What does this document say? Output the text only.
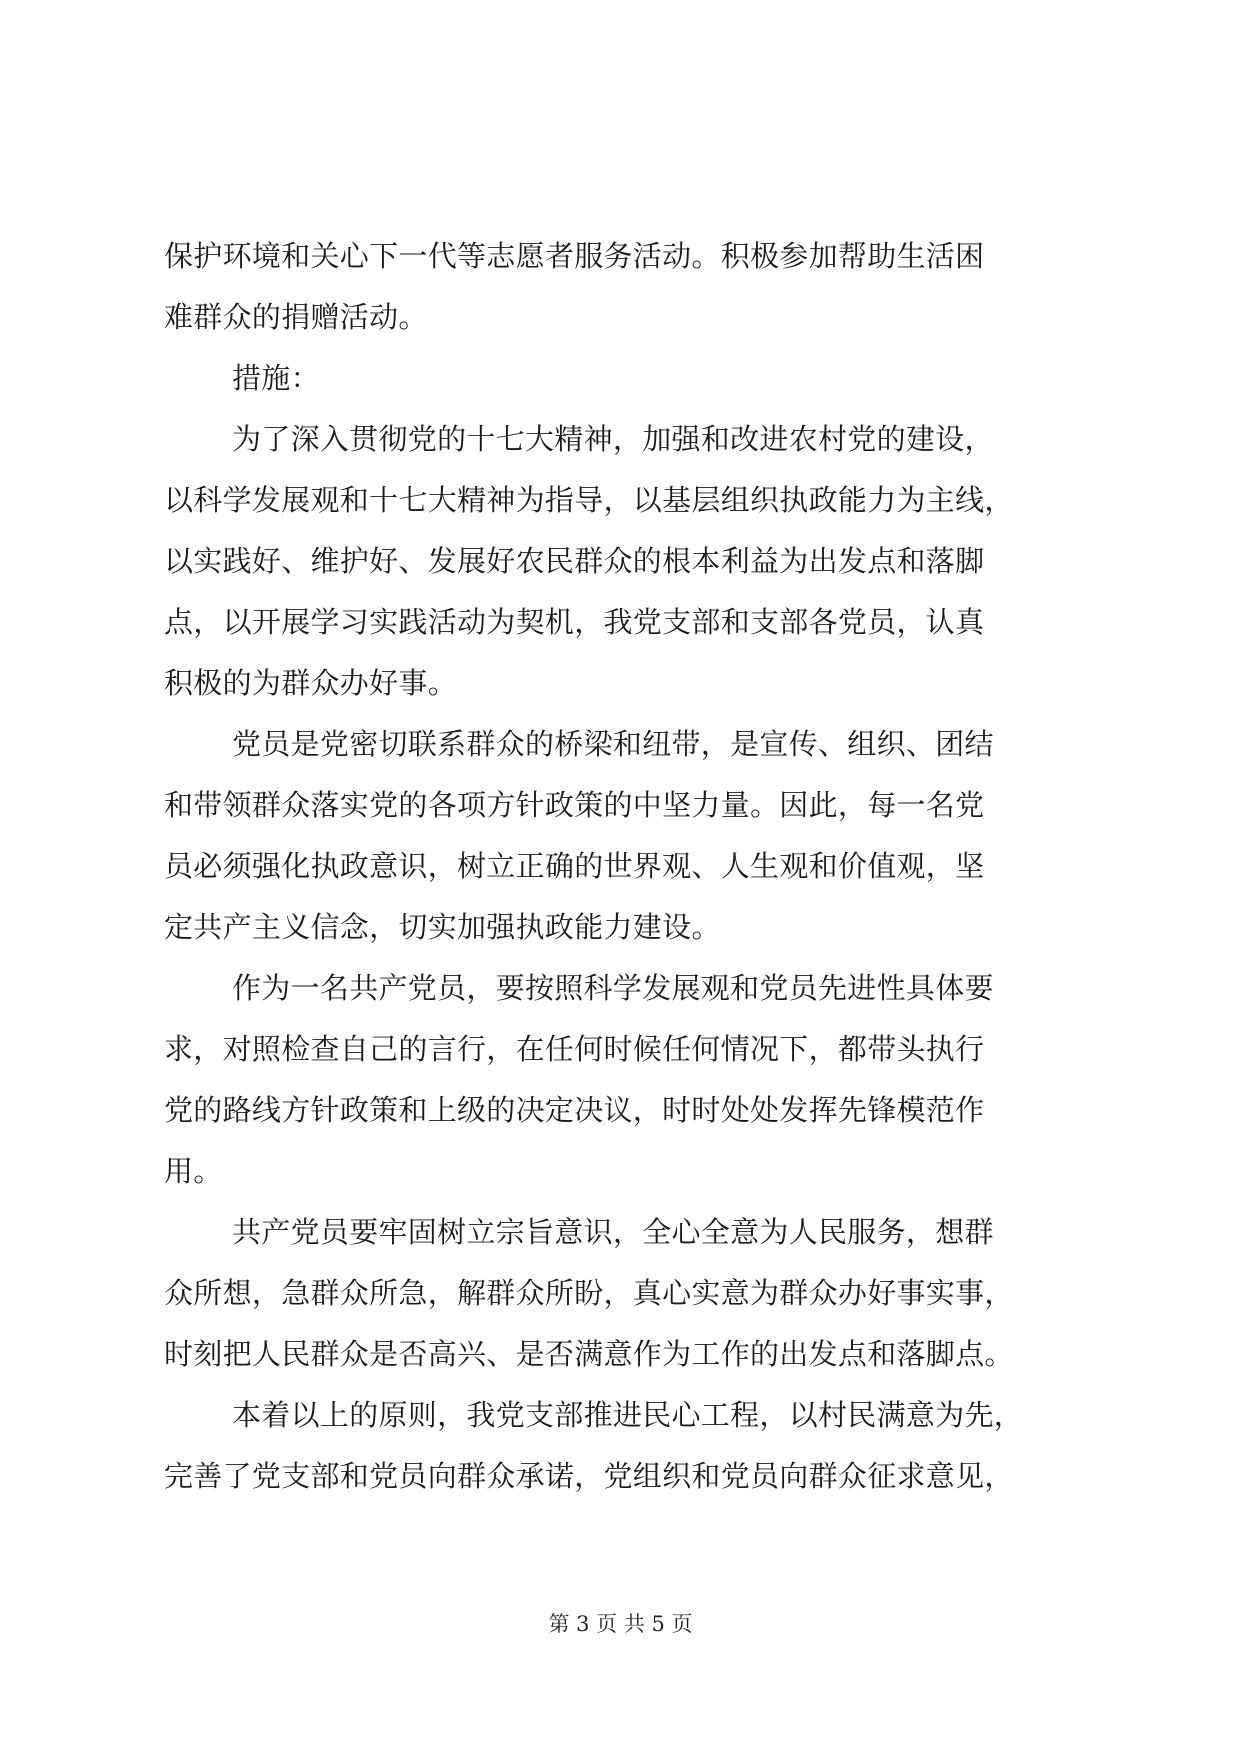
保护环境和关心下一代等志愿者服务活动。积极参加帮助生活困
难群众的捐赠活动。
措施：
为了深入贯彻党的十七大精神，加强和改进农村党的建设，
以科学发展观和十七大精神为指导，以基层组织执政能力为主线，
以实践好、维护好、发展好农民群众的根本利益为出发点和落脚
点，以开展学习实践活动为契机，我党支部和支部各党员，认真
积极的为群众办好事。
党员是党密切联系群众的桥梁和纽带，是宣传、组织、团结
和带领群众落实党的各项方针政策的中坚力量。因此，每一名党
员必须强化执政意识，树立正确的世界观、人生观和价值观，坚
定共产主义信念，切实加强执政能力建设。
作为一名共产党员，要按照科学发展观和党员先进性具体要
求，对照检查自己的言行，在任何时候任何情况下，都带头执行
党的路线方针政策和上级的决定决议，时时处处发挥先锋模范作
用。
共产党员要牢固树立宗旨意识，全心全意为人民服务，想群
众所想，急群众所急，解群众所盼，真心实意为群众办好事实事，
时刻把人民群众是否高兴、是否满意作为工作的出发点和落脚点。
本着以上的原则，我党支部推进民心工程，以村民满意为先，
完善了党支部和党员向群众承诺，党组织和党员向群众征求意见，
第 3 页 共 5 页
